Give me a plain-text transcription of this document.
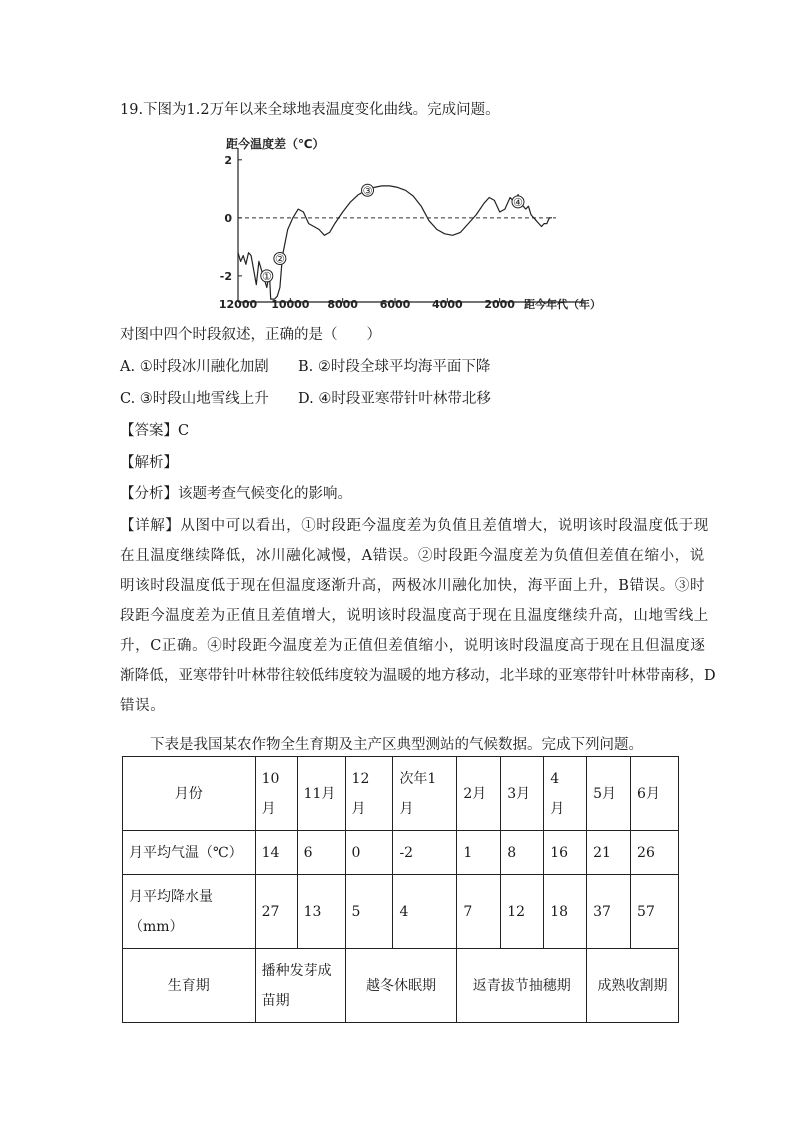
19.下图为1.2万年以来全球地表温度变化曲线。完成问题。
距今温度差（℃）
距今年代（年）
2
0
-2
12000 10000 8000 6000 4000 2000
①
②
③
④
对图中四个时段叙述，正确的是（　　）
A. ①时段冰川融化加剧 B. ②时段全球平均海平面下降
C. ③时段山地雪线上升 D. ④时段亚寒带针叶林带北移
【答案】C
【解析】
【分析】该题考查气候变化的影响。
【详解】从图中可以看出，①时段距今温度差为负值且差值增大，说明该时段温度低于现
在且温度继续降低，冰川融化减慢，A错误。②时段距今温度差为负值但差值在缩小，说
明该时段温度低于现在但温度逐渐升高，两极冰川融化加快，海平面上升，B错误。③时
段距今温度差为正值且差值增大，说明该时段温度高于现在且温度继续升高，山地雪线上
升，C正确。④时段距今温度差为正值但差值缩小，说明该时段温度高于现在且但温度逐
渐降低，亚寒带针叶林带往较低纬度较为温暖的地方移动，北半球的亚寒带针叶林带南移，D
错误。
下表是我国某农作物全生育期及主产区典型测站的气候数据。完成下列问题。
月份	10月	11月	12月	次年1月	2月	3月	4月	5月	6月
月平均气温（℃）	14	6	0	-2	1	8	16	21	26

月平均降水量
（mm）	27	13	5	4	7	12	18	37	57
生育期	播种发芽成苗期		越冬休眠期		返青拔节抽穗期			成熟收割期	
